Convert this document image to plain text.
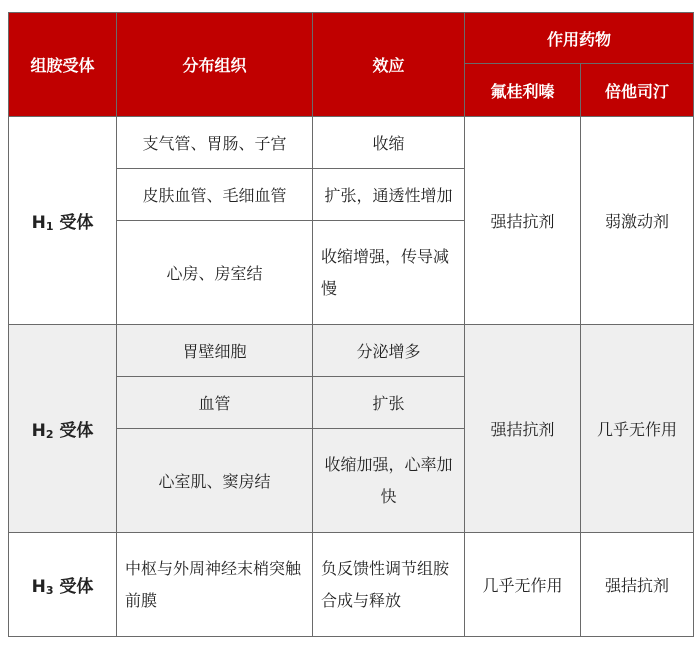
组胺受体	分布组织	效应	作用药物	
			氟桂利嗪	倍他司汀
H1 受体	支气管、胃肠、子宫	收缩	强拮抗剂	弱激动剂
	皮肤血管、毛细血管	扩张，通透性增加		
	心房、房室结	收缩增强，传导减慢		
H2 受体	胃壁细胞	分泌增多	强拮抗剂	几乎无作用
	血管	扩张		
	心室肌、窦房结	收缩加强，心率加快		
H3 受体	中枢与外周神经末梢突触前膜	负反馈性调节组胺合成与释放	几乎无作用	强拮抗剂
